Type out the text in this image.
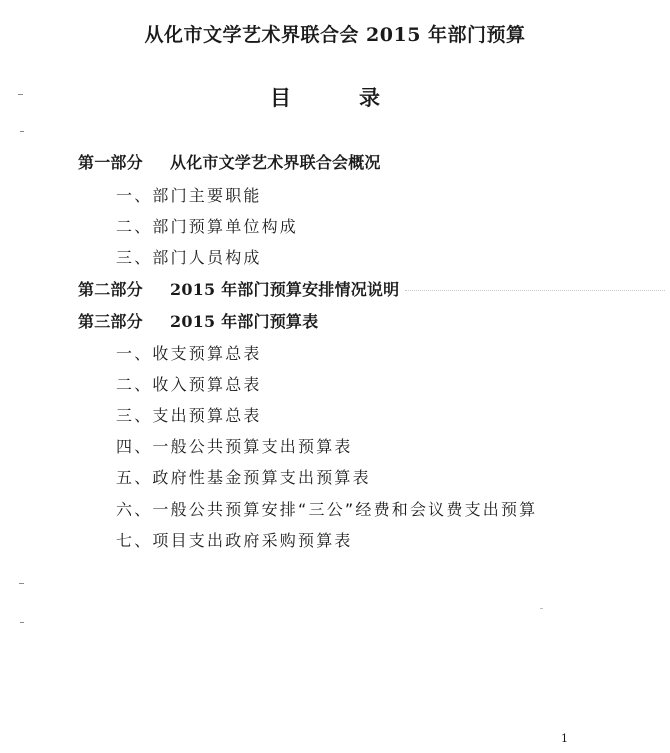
从化市文学艺术界联合会 2015 年部门预算
目	录
第一部分 从化市文学艺术界联合会概况
一、部门主要职能
二、部门预算单位构成
三、部门人员构成
第二部分 2015 年部门预算安排情况说明
第三部分 2015 年部门预算表
一、收支预算总表
二、收入预算总表
三、支出预算总表
四、一般公共预算支出预算表
五、政府性基金预算支出预算表
六、一般公共预算安排“三公”经费和会议费支出预算
七、项目支出政府采购预算表
1
